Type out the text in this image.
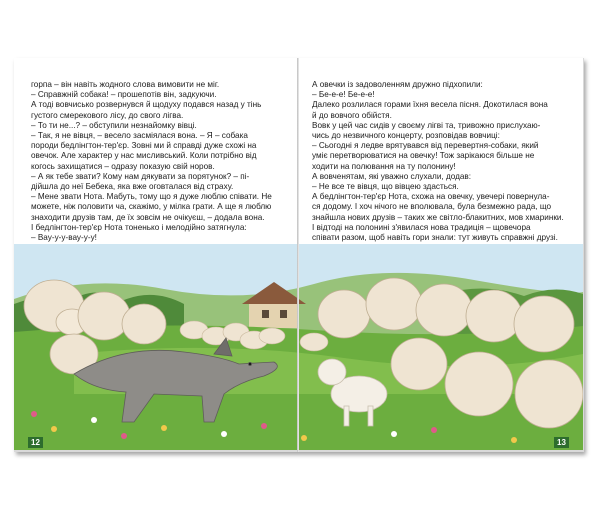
горпа – він навіть жодного слова вимовити не міг.

– Справжній собака! – прошепотів він, задкуючи.

А тоді вовчисько розвернувся й щодуху подався назад у тінь

густого смерекового лісу, до свого лігва.

– То ти не...? – обступили незнайомку вівці.

– Так, я не вівця, – весело засміялася вона. – Я – собака

породи бедлінгтон-тер'єр. Зовні ми й справді дуже схожі на

овечок. Але характер у нас мисливський. Коли потрібно від

когось захищатися – одразу показую свій норов.

– А як тебе звати? Кому нам дякувати за порятунок? – пі-

дійшла до неї Бебека, яка вже оговталася від страху.

– Мене звати Нота. Мабуть, тому що я дуже люблю співати. Не

можете, ніж половити ча, скажімо, у мілка грати. А ще я люблю

знаходити друзів там, де їх зовсім не очікуєш, – додала вона.

І бедлінгтон-тер'єр Нота тоненько і мелодійно затягнула:

– Вау-у-у-вау-у-у!

А овечки із задоволенням дружно підхопили:

– Бе-е-е! Бе-е-е!

Далеко розлилася горами їхня весела пісня. Докотилася вона

й до вовчого обійстя.

Вовк у цей час сидів у своєму лігві та, тривожно прислухаю-

чись до незвичного концерту, розповідав вовчиці:

– Сьогодні я ледве врятувався від перевертня-собаки, який

уміє перетворюватися на овечку! Тож зарікаюся більше не

ходити на полювання на ту полонину!

А вовченятам, які уважно слухали, додав:

– Не все те вівця, що вівцею здасться.

А бедлінгтон-тер'єр Нота, схожа на овечку, увечері повернула-

ся додому. І хоч нічого не вполювала, була безмежно рада, що

знайшла нових друзів – таких же світло-блакитних, мов хмаринки.

І відтоді на полонині з'явилася нова традиція – щовечора

співати разом, щоб навіть гори знали: тут живуть справжні друзі.

12	13
